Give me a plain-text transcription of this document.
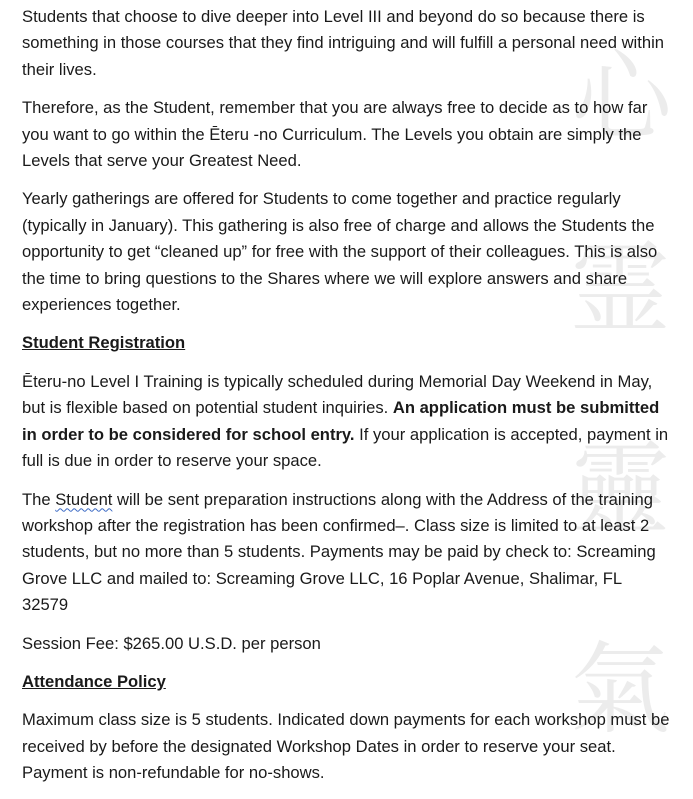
心
霊
靈
氣

Students that choose to dive deeper into Level III and beyond do so because there is something in those courses that they find intriguing and will fulfill a personal need within their lives.

Therefore, as the Student, remember that you are always free to decide as to how far you want to go within the Ēteru -no Curriculum. The Levels you obtain are simply the Levels that serve your Greatest Need.

Yearly gatherings are offered for Students to come together and practice regularly (typically in January). This gathering is also free of charge and allows the Students the opportunity to get “cleaned up” for free with the support of their colleagues. This is also the time to bring questions to the Shares where we will explore answers and share experiences together.

Student Registration

Ēteru-no Level I Training is typically scheduled during Memorial Day Weekend in May, but is flexible based on potential student inquiries. An application must be submitted in order to be considered for school entry. If your application is accepted, payment in full is due in order to reserve your space.

The Student will be sent preparation instructions along with the Address of the training workshop after the registration has been confirmed–. Class size is limited to at least 2 students, but no more than 5 students. Payments may be paid by check to: Screaming Grove LLC and mailed to: Screaming Grove LLC, 16 Poplar Avenue, Shalimar, FL 32579

Session Fee: $265.00 U.S.D. per person

Attendance Policy

Maximum class size is 5 students. Indicated down payments for each workshop must be received by before the designated Workshop Dates in order to reserve your seat. Payment is non-refundable for no-shows.
